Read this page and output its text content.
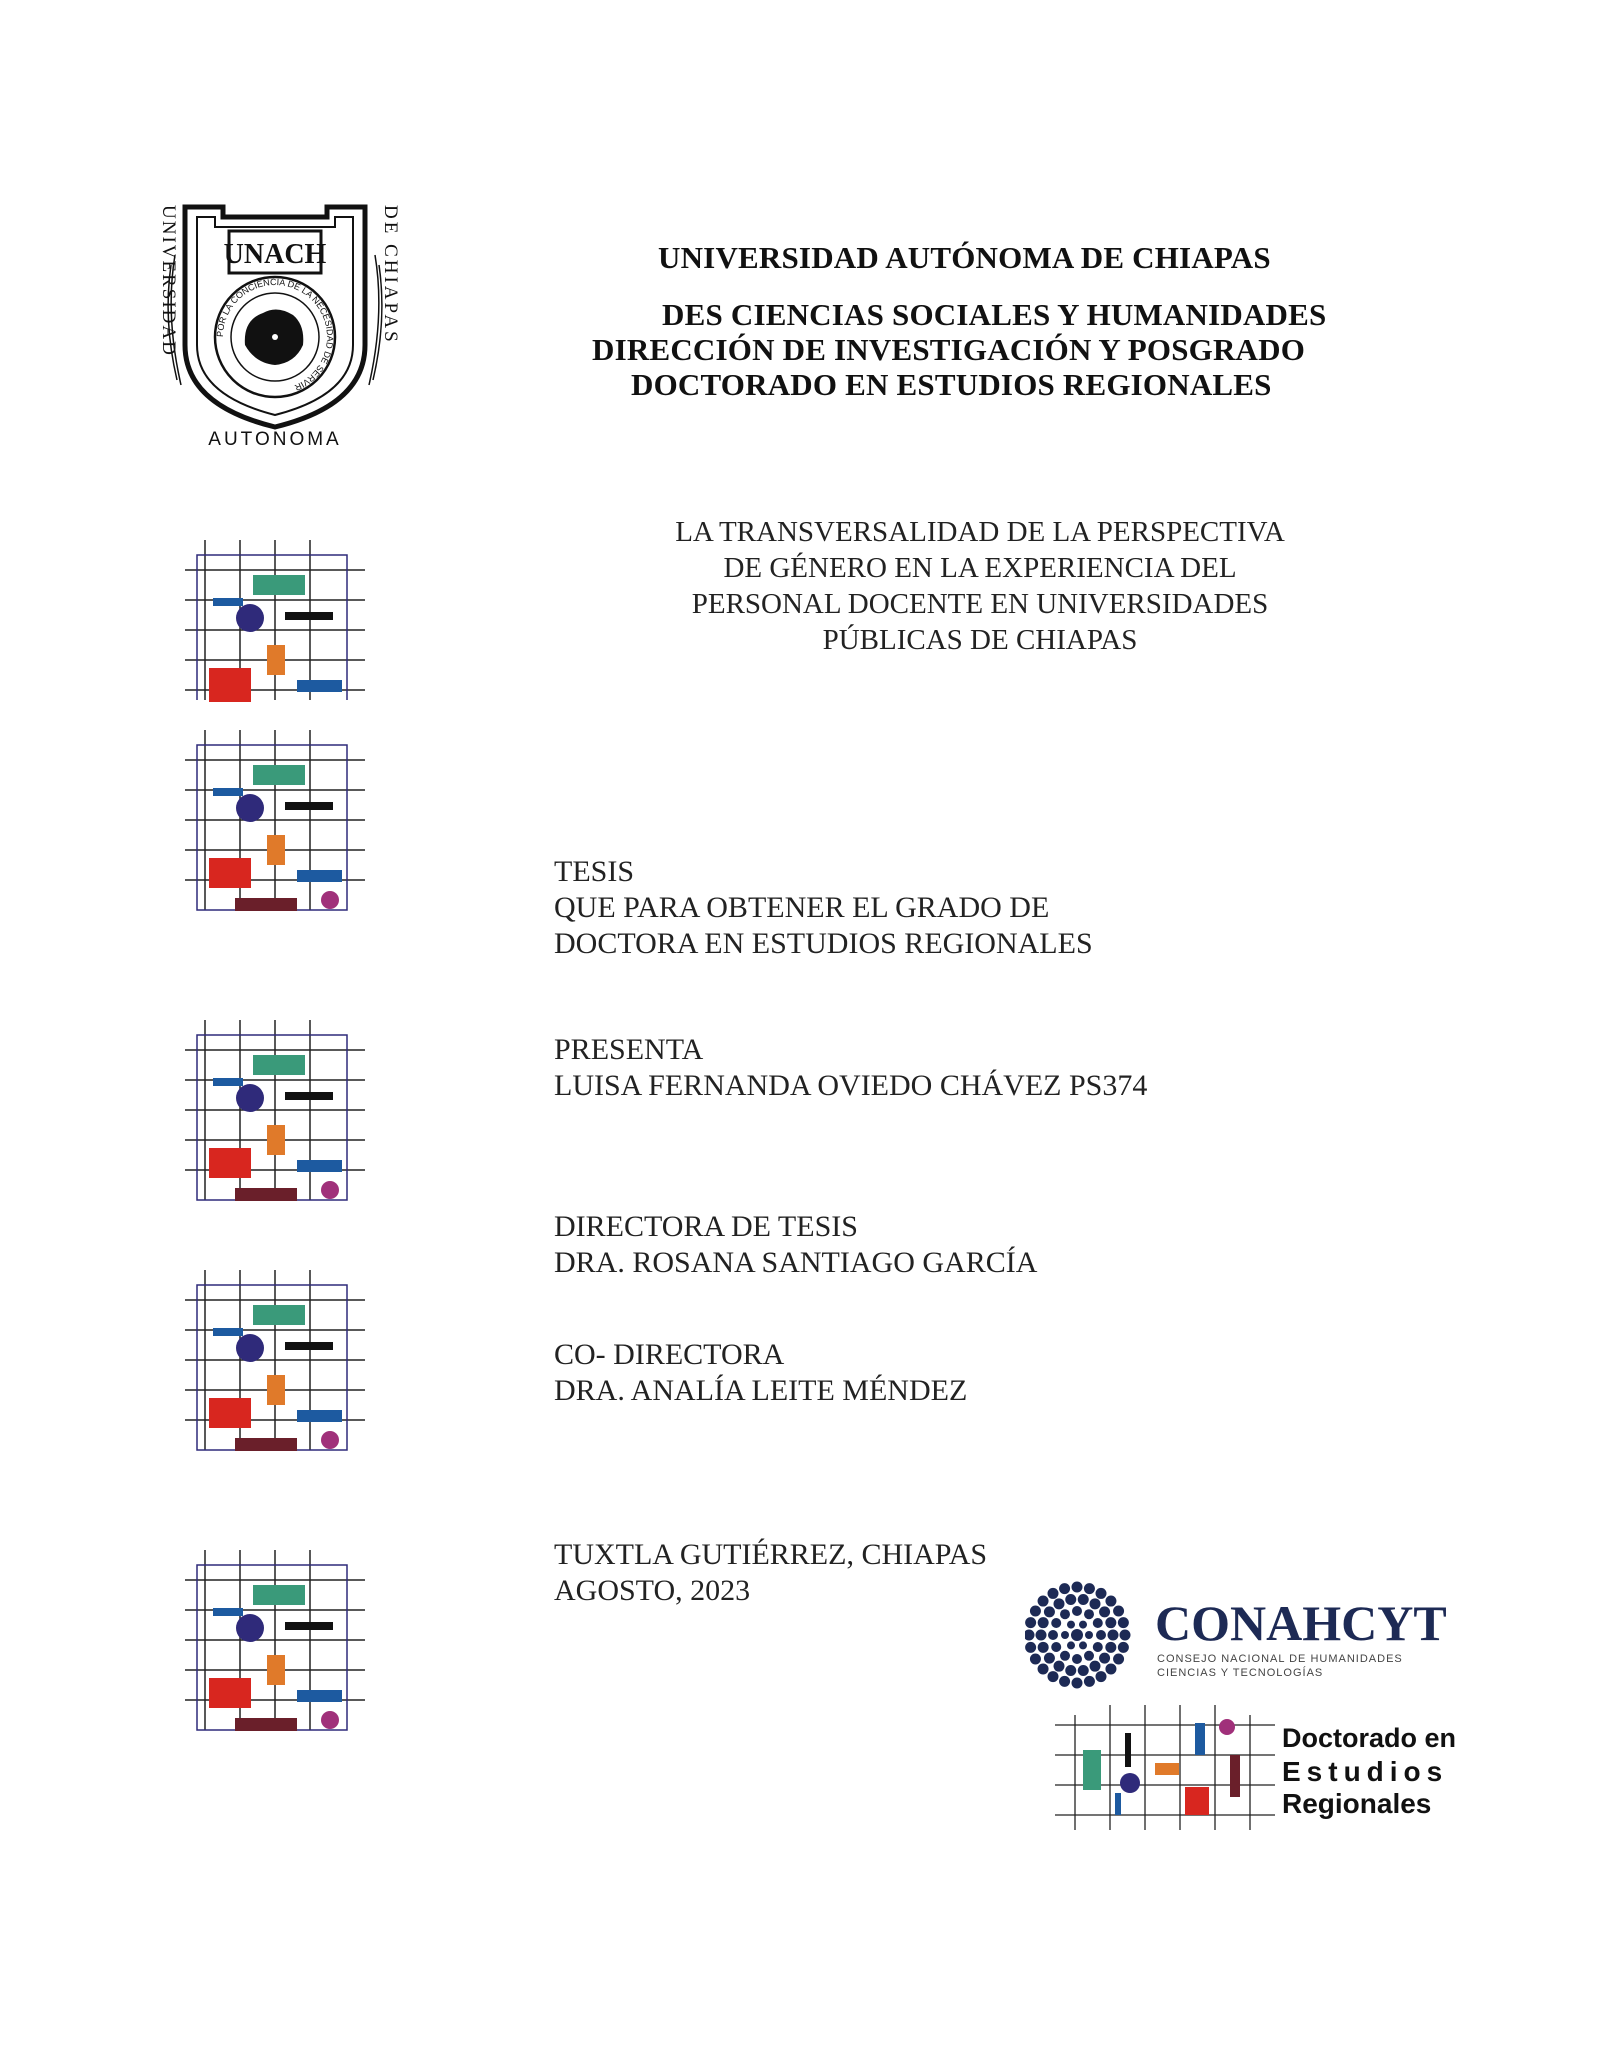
UNIVERSIDAD	DE CHIAPAS
UNACH
POR LA CONCIENCIA DE LA NECESIDAD DE SERVIR
AUTONOMA
UNIVERSIDAD AUTÓNOMA DE CHIAPAS
DES CIENCIAS SOCIALES Y HUMANIDADES
DIRECCIÓN DE INVESTIGACIÓN Y POSGRADO
DOCTORADO EN ESTUDIOS REGIONALES
LA TRANSVERSALIDAD DE LA PERSPECTIVA
DE GÉNERO EN LA EXPERIENCIA DEL
PERSONAL DOCENTE EN UNIVERSIDADES
PÚBLICAS DE CHIAPAS
TESIS
QUE PARA OBTENER EL GRADO DE
DOCTORA EN ESTUDIOS REGIONALES
PRESENTA
LUISA FERNANDA OVIEDO CHÁVEZ PS374
DIRECTORA DE TESIS
DRA. ROSANA SANTIAGO GARCÍA
CO- DIRECTORA
DRA. ANALÍA LEITE MÉNDEZ
TUXTLA GUTIÉRREZ, CHIAPAS
AGOSTO, 2023
CONAHCYT
CONSEJO NACIONAL DE HUMANIDADES
CIENCIAS Y TECNOLOGÍAS
Doctorado en
Estudios
Regionales
